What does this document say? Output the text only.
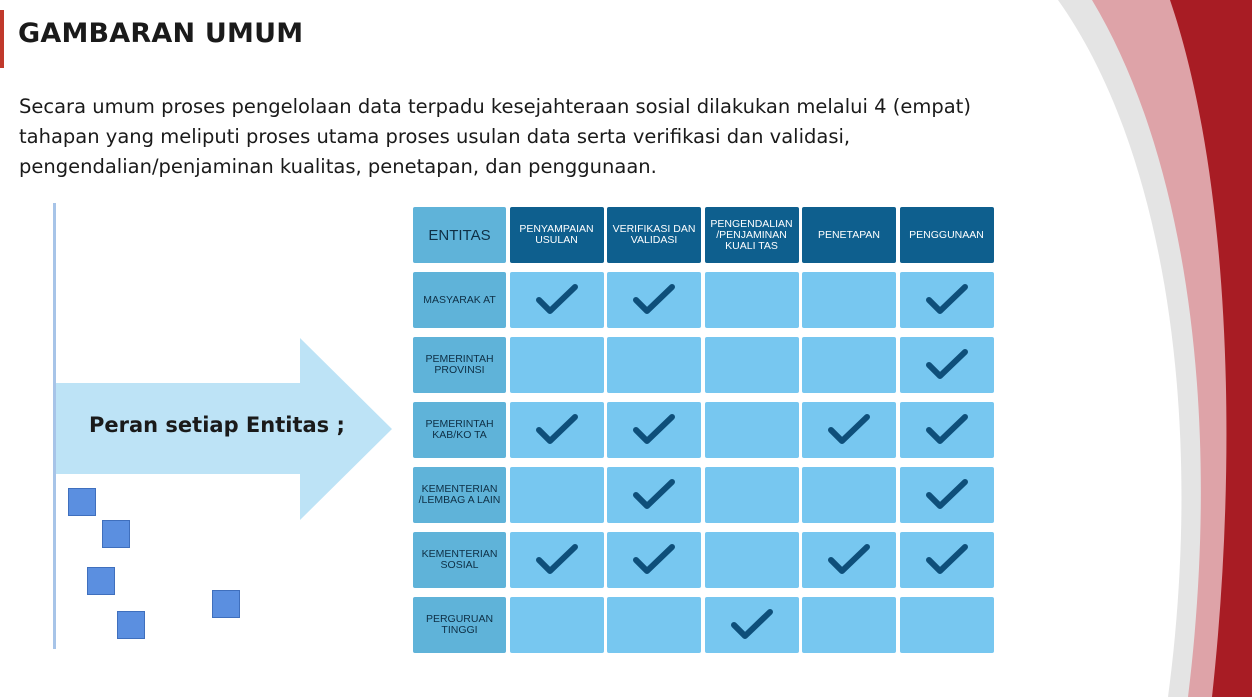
GAMBARAN UMUM
Secara umum proses pengelolaan data terpadu kesejahteraan sosial dilakukan melalui 4 (empat)
tahapan yang meliputi proses utama proses usulan data serta verifikasi dan validasi,
pengendalian/penjaminan kualitas, penetapan, dan penggunaan.
Peran setiap Entitas ;
ENTITAS	PENYAMPAIAN USULAN
VERIFIKASI DAN VALIDASI
PENGENDALIAN /PENJAMINAN KUALI TAS
PENETAPAN	PENGGUNAAN
MASYARAK AT
PEMERINTAH PROVINSI
PEMERINTAH KAB/KO TA
KEMENTERIAN /LEMBAG A LAIN
KEMENTERIAN SOSIAL
PERGURUAN TINGGI
